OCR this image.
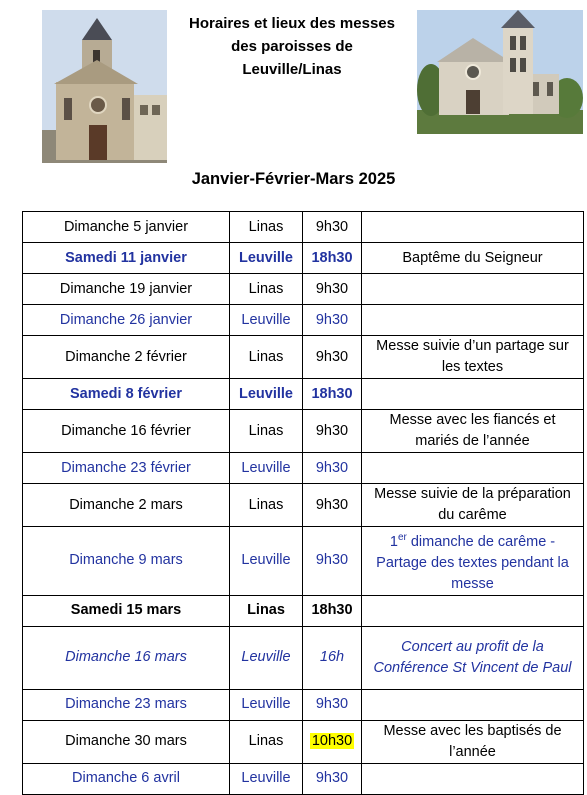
Horaires et lieux des messes
des paroisses de
Leuville/Linas
Janvier-Février-Mars 2025
Dimanche 5 janvier	Linas	9h30	
Samedi 11 janvier	Leuville	18h30	Baptême du Seigneur
Dimanche 19 janvier	Linas	9h30	
Dimanche 26 janvier	Leuville	9h30	
Dimanche 2 février	Linas	9h30	Messe suivie d’un partage sur les textes
Samedi 8 février	Leuville	18h30	
Dimanche 16 février	Linas	9h30	Messe avec les fiancés et mariés de l’année
Dimanche 23 février	Leuville	9h30	
Dimanche 2 mars	Linas	9h30	Messe suivie de la préparation du carême
Dimanche 9 mars	Leuville	9h30	1er dimanche de carême - Partage des textes pendant la messe
Samedi 15 mars	Linas	18h30	
Dimanche 16 mars	Leuville	16h	Concert au profit de la Conférence St Vincent de Paul
Dimanche 23 mars	Leuville	9h30	
Dimanche 30 mars	Linas	10h30	Messe avec les baptisés de l’année
Dimanche 6 avril	Leuville	9h30	
